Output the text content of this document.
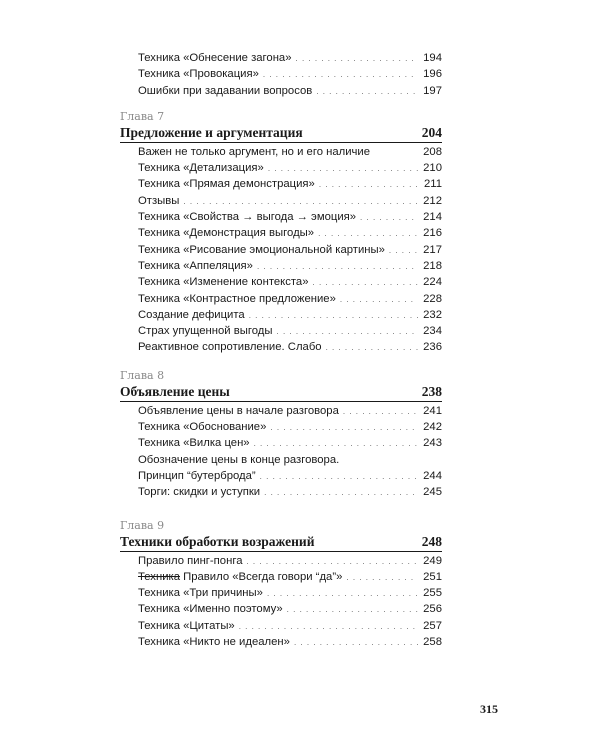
Техника «Обнесение загона» . . .	194
Техника «Провокация» . . .	196
Ошибки при задавании вопросов . . .	197
Глава 7
Предложение и аргументация	204
Важен не только аргумент, но и его наличие	208
Техника «Детализация» . . .	210
Техника «Прямая демонстрация» . . .	211
Отзывы . . .	212
Техника «Свойства → выгода → эмоция» . . .	214
Техника «Демонстрация выгоды» . . .	216
Техника «Рисование эмоциональной картины» . . .	217
Техника «Аппеляция» . . .	218
Техника «Изменение контекста» . . .	224
Техника «Контрастное предложение» . . .	228
Создание дефицита . . .	232
Страх упущенной выгоды . . .	234
Реактивное сопротивление. Слабо . . .	236
Глава 8
Объявление цены	238
Объявление цены в начале разговора . . .	241
Техника «Обоснование» . . .	242
Техника «Вилка цен» . . .	243
Обозначение цены в конце разговора.
Принцип “бутерброда” . . .	244
Торги: скидки и уступки . . .	245
Глава 9
Техники обработки возражений	248
Правило пинг-понга . . .	249
Техника Правило «Всегда говори “да”» . . .	251
Техника «Три причины» . . .	255
Техника «Именно поэтому» . . .	256
Техника «Цитаты» . . .	257
Техника «Никто не идеален» . . .	258
315
